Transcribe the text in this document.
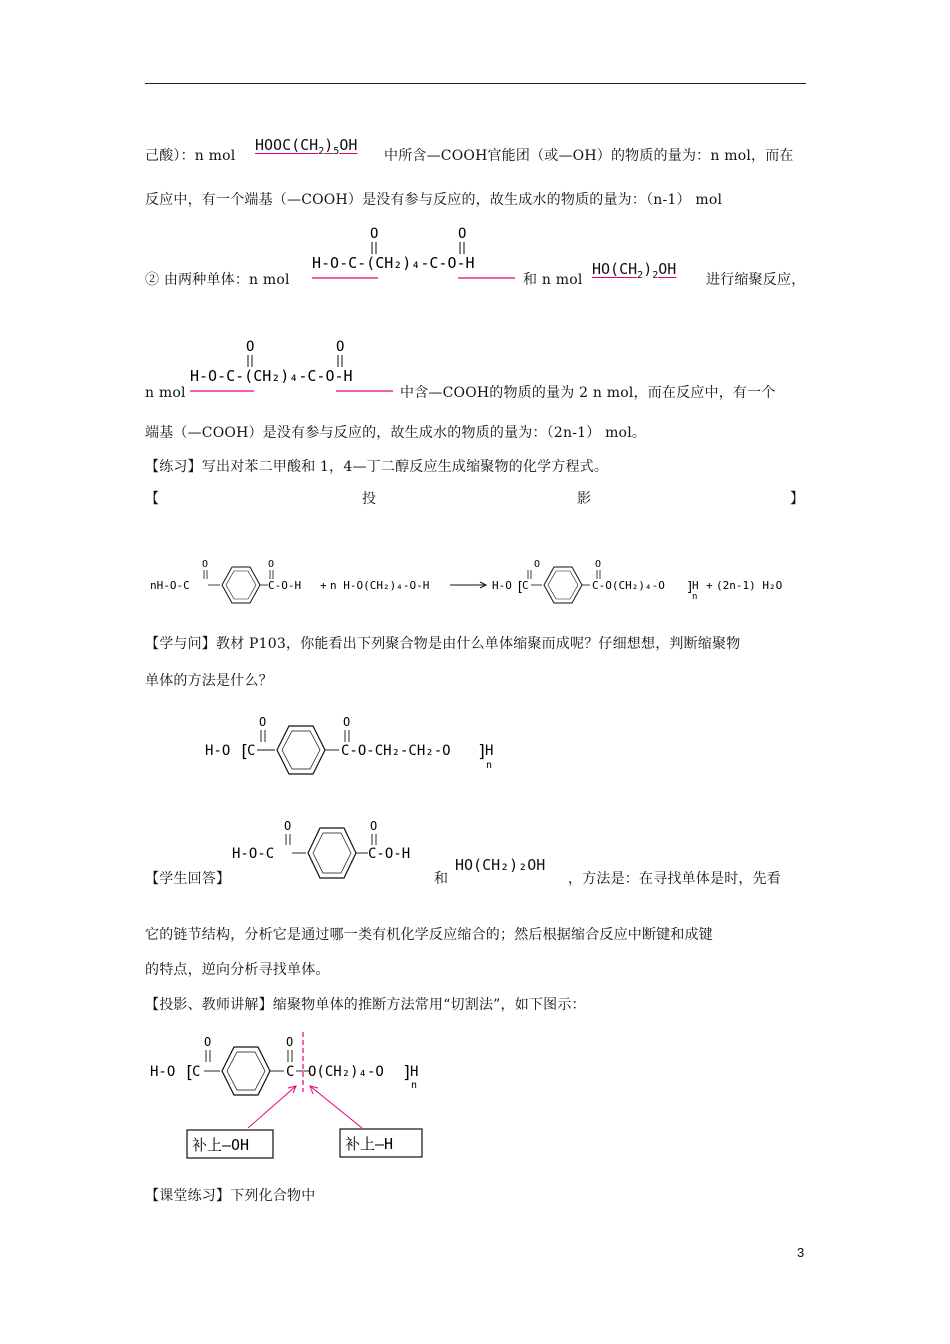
己酸）：n mol
$HOOC(CH_2)_5OH$
中所含—COOH官能团（或—OH）的物质的量为：n mol，而在
反应中，有一个端基（—COOH）是没有参与反应的，故生成水的物质的量为：（n-1） mol
② 由两种单体：n mol
O	O
H-O-C-(CH₂)₄-C-O-H
和 n mol
$HO(CH_2)_2OH$
进行缩聚反应，
n mol
O	O
H-O-C-(CH₂)₄-C-O-H
中含—COOH的物质的量为 2 n mol，而在反应中，有一个
端基（—COOH）是没有参与反应的，故生成水的物质的量为：（2n-1） mol。
【练习】写出对苯二甲酸和 1，4—丁二醇反应生成缩聚物的化学方程式。
【	投	影	】
nH-O-C
O	O
C-O-H + n H-O(CH₂)₄-O-H	H-O [
C
O	O
C-O(CH₂)₄-O ]
H
n
+ (2n-1) H₂O
【学与问】教材 P103，你能看出下列聚合物是由什么单体缩聚而成呢？仔细想想，判断缩聚物
单体的方法是什么？
H-O [
C
O	O
C-O-CH₂-CH₂-O ]
H
n
【学生回答】
H-O-C
O	O
C-O-H
和
HO(CH₂)₂OH
，方法是：在寻找单体是时，先看
它的链节结构，分析它是通过哪一类有机化学反应缩合的；然后根据缩合反应中断键和成键
的特点，逆向分析寻找单体。
【投影、教师讲解】缩聚物单体的推断方法常用“切割法”，如下图示：
H-O [
C
O
C
O
O(CH₂)₄-O ]
H
n
补上—OH	补上—H
【课堂练习】下列化合物中
3
